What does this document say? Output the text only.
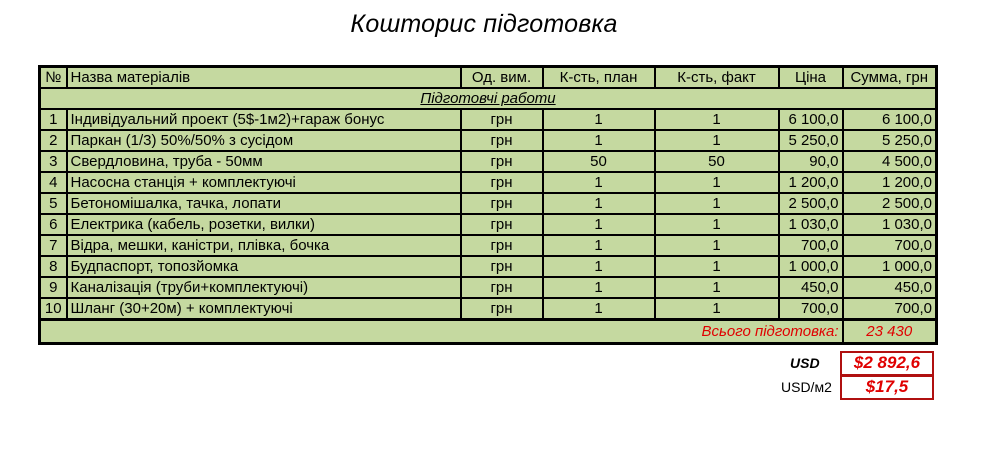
Кошторис підготовка
№	Назва матеріалів	Од. вим.	К-сть, план	К-сть, факт	Ціна	Сумма, грн
Підготовчі работи						
1	Індивідуальний проект (5$-1м2)+гараж бонус	грн	1	1	6 100,0	6 100,0
2	Паркан (1/3) 50%/50% з сусідом	грн	1	1	5 250,0	5 250,0
3	Свердловина, труба - 50мм	грн	50	50	90,0	4 500,0
4	Насосна станція + комплектуючі	грн	1	1	1 200,0	1 200,0
5	Бетономішалка, тачка, лопати	грн	1	1	2 500,0	2 500,0
6	Електрика (кабель, розетки, вилки)	грн	1	1	1 030,0	1 030,0
7	Відра, мешки, каністри, плівка, бочка	грн	1	1	700,0	700,0
8	Будпаспорт, топозйомка	грн	1	1	1 000,0	1 000,0
9	Каналізація (труби+комплектуючі)	грн	1	1	450,0	450,0
10	Шланг (30+20м) + комплектуючі	грн	1	1	700,0	700,0
Всього підготовка:						23 430
USD	$2 892,6
USD/м2	$17,5
